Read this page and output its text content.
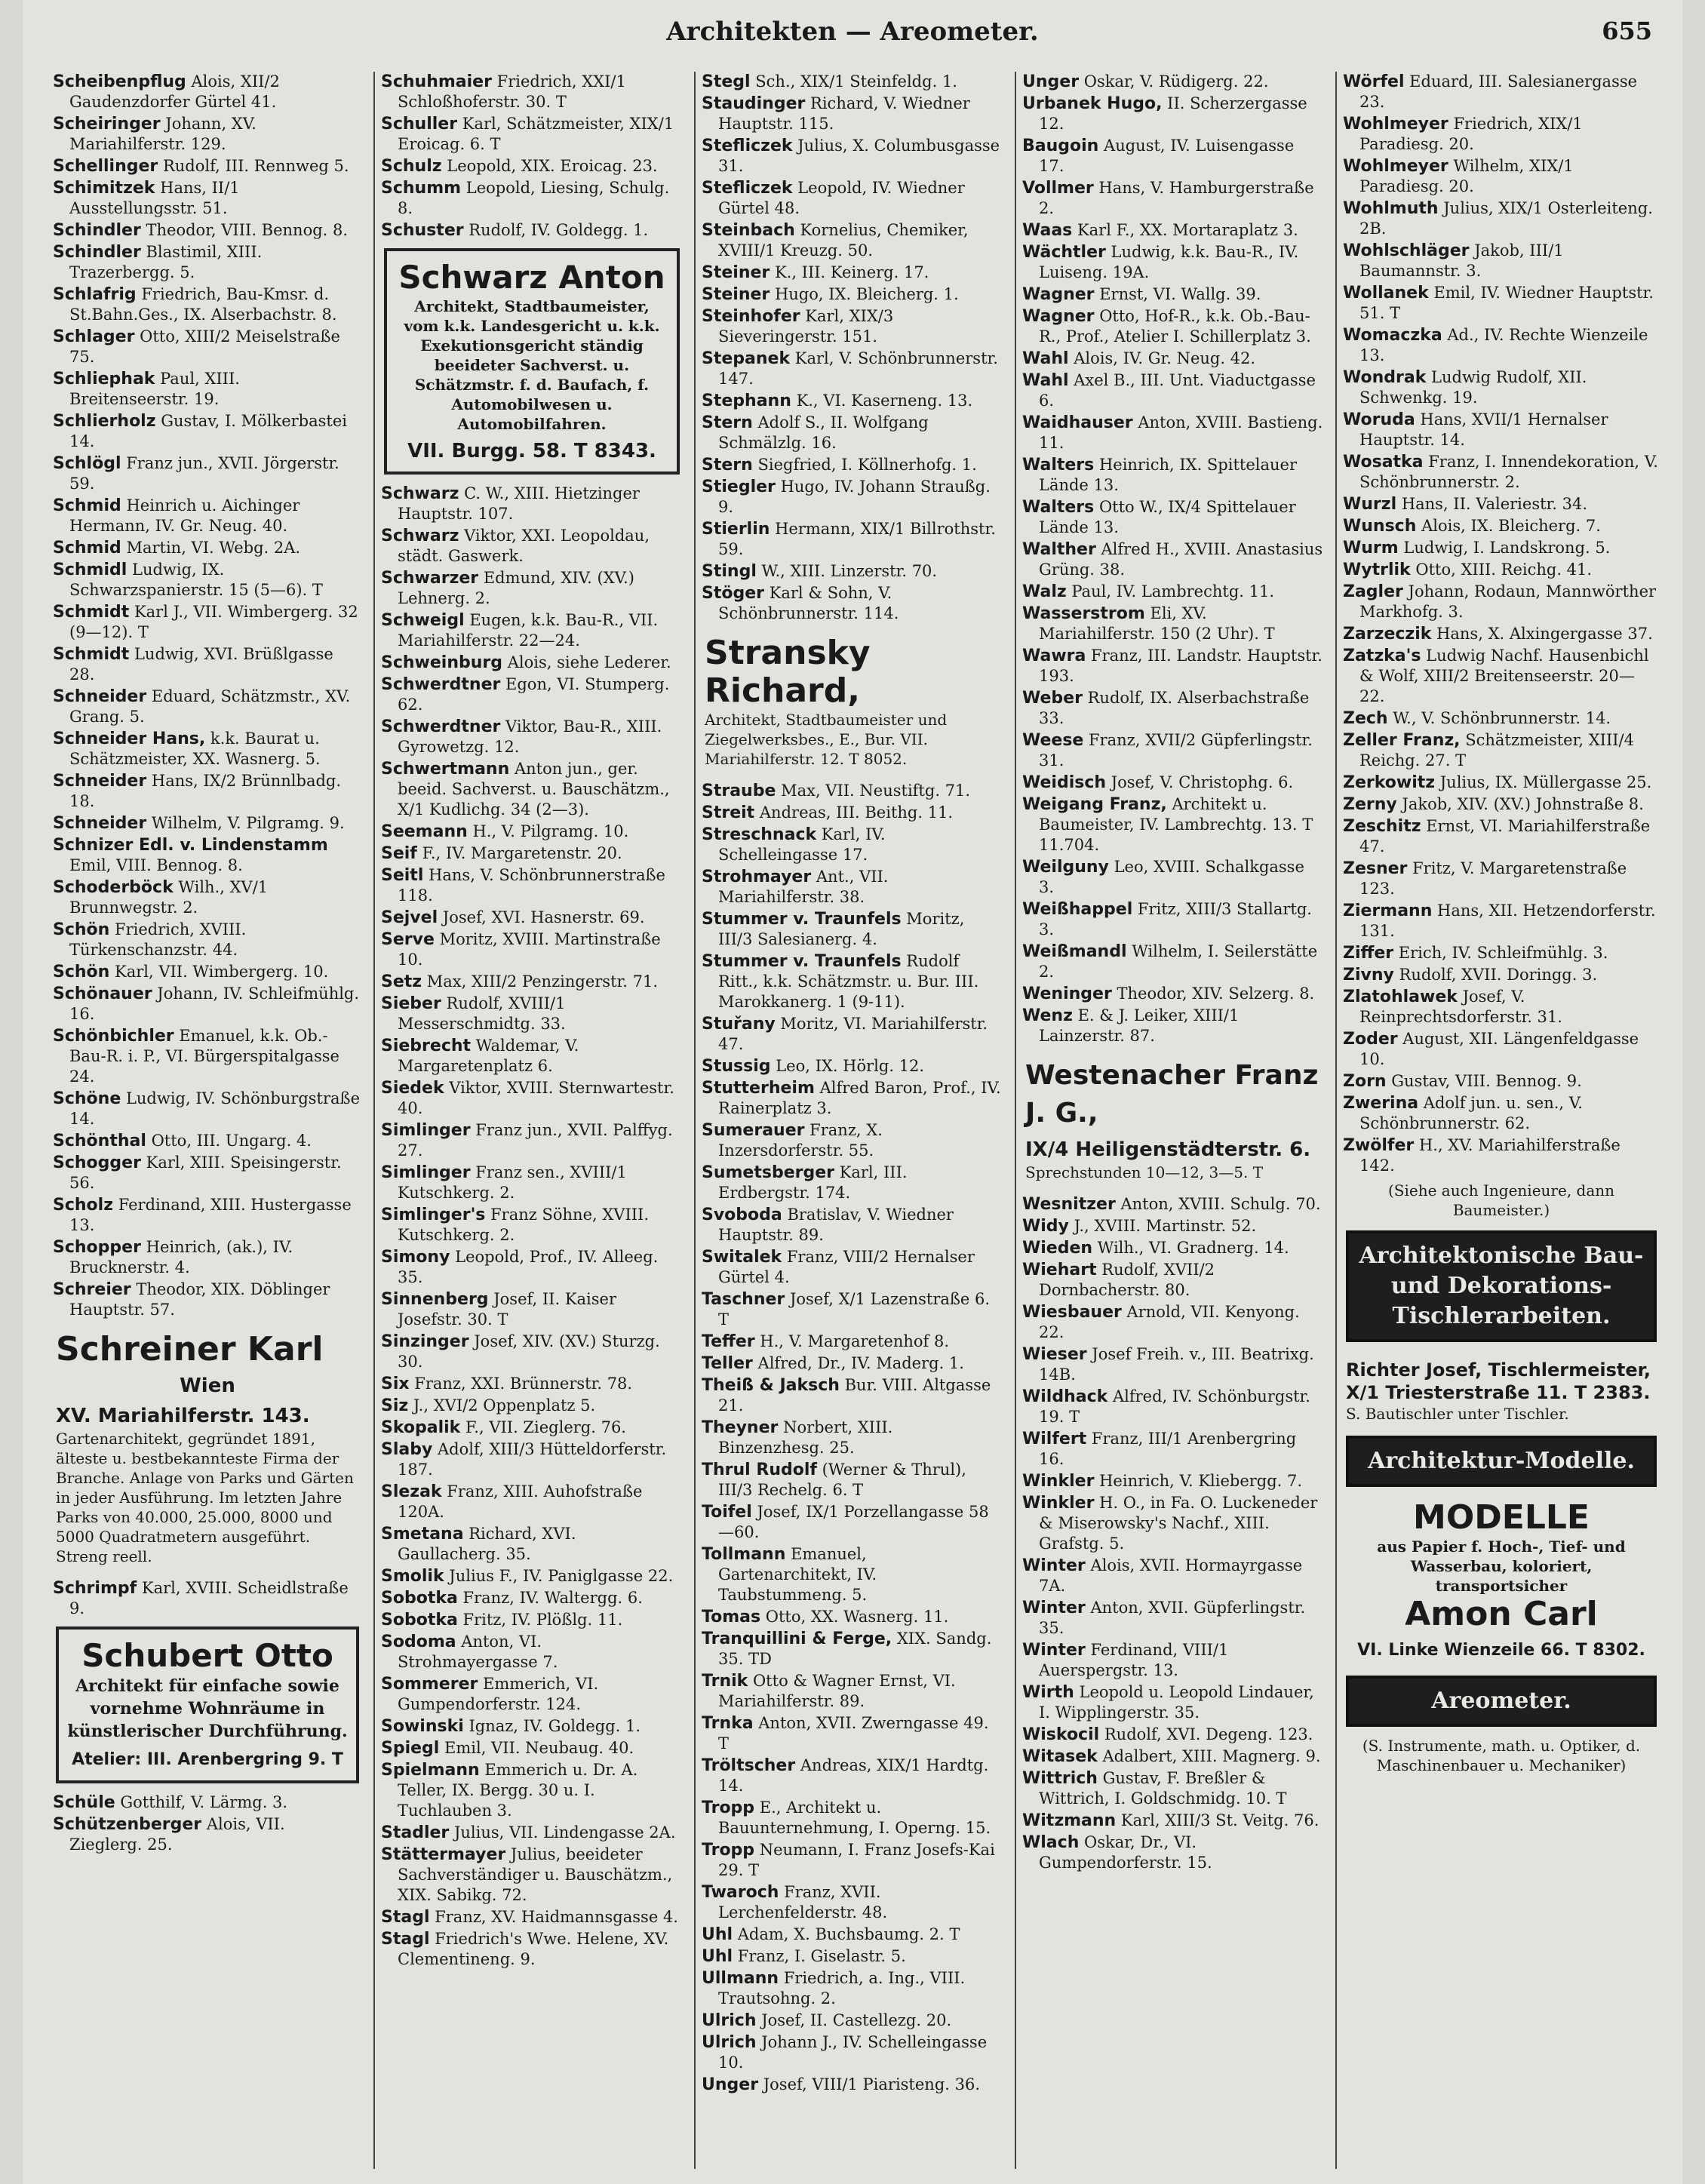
Architekten — Areometer.	655
Scheibenpflug Alois, XII/2 Gaudenzdorfer Gürtel 41.
Scheiringer Johann, XV. Mariahilferstr. 129.
Schellinger Rudolf, III. Rennweg 5.
Schimitzek Hans, II/1 Ausstellungsstr. 51.
Schindler Theodor, VIII. Bennog. 8.
Schindler Blastimil, XIII. Trazerbergg. 5.
Schlafrig Friedrich, Bau-Kmsr. d. St.Bahn.Ges., IX. Alserbachstr. 8.
Schlager Otto, XIII/2 Meiselstraße 75.
Schliephak Paul, XIII. Breitenseerstr. 19.
Schlierholz Gustav, I. Mölkerbastei 14.
Schlögl Franz jun., XVII. Jörgerstr. 59.
Schmid Heinrich u. Aichinger Hermann, IV. Gr. Neug. 40.
Schmid Martin, VI. Webg. 2A.
Schmidl Ludwig, IX. Schwarzspanierstr. 15 (5—6). T
Schmidt Karl J., VII. Wimbergerg. 32 (9—12). T
Schmidt Ludwig, XVI. Brüßlgasse 28.
Schneider Eduard, Schätzmstr., XV. Grang. 5.
Schneider Hans, k.k. Baurat u. Schätzmeister, XX. Wasnerg. 5.
Schneider Hans, IX/2 Brünnlbadg. 18.
Schneider Wilhelm, V. Pilgramg. 9.
Schnizer Edl. v. Lindenstamm Emil, VIII. Bennog. 8.
Schoderböck Wilh., XV/1 Brunnwegstr. 2.
Schön Friedrich, XVIII. Türkenschanzstr. 44.
Schön Karl, VII. Wimbergerg. 10.
Schönauer Johann, IV. Schleifmühlg. 16.
Schönbichler Emanuel, k.k. Ob.-Bau-R. i. P., VI. Bürgerspitalgasse 24.
Schöne Ludwig, IV. Schönburgstraße 14.
Schönthal Otto, III. Ungarg. 4.
Schogger Karl, XIII. Speisingerstr. 56.
Scholz Ferdinand, XIII. Hustergasse 13.
Schopper Heinrich, (ak.), IV. Brucknerstr. 4.
Schreier Theodor, XIX. Döblinger Hauptstr. 57.
Schreiner Karl
Wien
XV. Mariahilferstr. 143.
Gartenarchitekt, gegründet 1891, älteste u. bestbekannteste Firma der Branche. Anlage von Parks und Gärten in jeder Ausführung. Im letzten Jahre Parks von 40.000, 25.000, 8000 und 5000 Quadratmetern ausgeführt. Streng reell.
Schrimpf Karl, XVIII. Scheidlstraße 9.
Schubert Otto
Architekt für einfache sowie vornehme Wohnräume in künstlerischer Durchführung.
Atelier: III. Arenbergring 9. T
Schüle Gotthilf, V. Lärmg. 3.
Schützenberger Alois, VII. Zieglerg. 25.
Schuhmaier Friedrich, XXI/1 Schloßhoferstr. 30. T
Schuller Karl, Schätzmeister, XIX/1 Eroicag. 6. T
Schulz Leopold, XIX. Eroicag. 23.
Schumm Leopold, Liesing, Schulg. 8.
Schuster Rudolf, IV. Goldegg. 1.
Schwarz Anton
Architekt, Stadtbaumeister, vom k.k. Landesgericht u. k.k. Exekutionsgericht ständig beeideter Sachverst. u. Schätzmstr. f. d. Baufach, f. Automobilwesen u. Automobilfahren.
VII. Burgg. 58. T 8343.
Schwarz C. W., XIII. Hietzinger Hauptstr. 107.
Schwarz Viktor, XXI. Leopoldau, städt. Gaswerk.
Schwarzer Edmund, XIV. (XV.) Lehnerg. 2.
Schweigl Eugen, k.k. Bau-R., VII. Mariahilferstr. 22—24.
Schweinburg Alois, siehe Lederer.
Schwerdtner Egon, VI. Stumperg. 62.
Schwerdtner Viktor, Bau-R., XIII. Gyrowetzg. 12.
Schwertmann Anton jun., ger. beeid. Sachverst. u. Bauschätzm., X/1 Kudlichg. 34 (2—3).
Seemann H., V. Pilgramg. 10.
Seif F., IV. Margaretenstr. 20.
Seitl Hans, V. Schönbrunnerstraße 118.
Sejvel Josef, XVI. Hasnerstr. 69.
Serve Moritz, XVIII. Martinstraße 10.
Setz Max, XIII/2 Penzingerstr. 71.
Sieber Rudolf, XVIII/1 Messerschmidtg. 33.
Siebrecht Waldemar, V. Margaretenplatz 6.
Siedek Viktor, XVIII. Sternwartestr. 40.
Simlinger Franz jun., XVII. Palffyg. 27.
Simlinger Franz sen., XVIII/1 Kutschkerg. 2.
Simlinger's Franz Söhne, XVIII. Kutschkerg. 2.
Simony Leopold, Prof., IV. Alleeg. 35.
Sinnenberg Josef, II. Kaiser Josefstr. 30. T
Sinzinger Josef, XIV. (XV.) Sturzg. 30.
Six Franz, XXI. Brünnerstr. 78.
Siz J., XVI/2 Oppenplatz 5.
Skopalik F., VII. Zieglerg. 76.
Slaby Adolf, XIII/3 Hütteldorferstr. 187.
Slezak Franz, XIII. Auhofstraße 120A.
Smetana Richard, XVI. Gaullacherg. 35.
Smolik Julius F., IV. Paniglgasse 22.
Sobotka Franz, IV. Waltergg. 6.
Sobotka Fritz, IV. Plößlg. 11.
Sodoma Anton, VI. Strohmayergasse 7.
Sommerer Emmerich, VI. Gumpendorferstr. 124.
Sowinski Ignaz, IV. Goldegg. 1.
Spiegl Emil, VII. Neubaug. 40.
Spielmann Emmerich u. Dr. A. Teller, IX. Bergg. 30 u. I. Tuchlauben 3.
Stadler Julius, VII. Lindengasse 2A.
Stättermayer Julius, beeideter Sachverständiger u. Bauschätzm., XIX. Sabikg. 72.
Stagl Franz, XV. Haidmannsgasse 4.
Stagl Friedrich's Wwe. Helene, XV. Clementineng. 9.
Stegl Sch., XIX/1 Steinfeldg. 1.
Staudinger Richard, V. Wiedner Hauptstr. 115.
Stefliczek Julius, X. Columbusgasse 31.
Stefliczek Leopold, IV. Wiedner Gürtel 48.
Steinbach Kornelius, Chemiker, XVIII/1 Kreuzg. 50.
Steiner K., III. Keinerg. 17.
Steiner Hugo, IX. Bleicherg. 1.
Steinhofer Karl, XIX/3 Sieveringerstr. 151.
Stepanek Karl, V. Schönbrunnerstr. 147.
Stephann K., VI. Kaserneng. 13.
Stern Adolf S., II. Wolfgang Schmälzlg. 16.
Stern Siegfried, I. Köllnerhofg. 1.
Stiegler Hugo, IV. Johann Straußg. 9.
Stierlin Hermann, XIX/1 Billrothstr. 59.
Stingl W., XIII. Linzerstr. 70.
Stöger Karl & Sohn, V. Schönbrunnerstr. 114.
Stransky Richard,
Architekt, Stadtbaumeister und Ziegelwerksbes., E., Bur. VII. Mariahilferstr. 12. T 8052.
Straube Max, VII. Neustiftg. 71.
Streit Andreas, III. Beithg. 11.
Streschnack Karl, IV. Schelleingasse 17.
Strohmayer Ant., VII. Mariahilferstr. 38.
Stummer v. Traunfels Moritz, III/3 Salesianerg. 4.
Stummer v. Traunfels Rudolf Ritt., k.k. Schätzmstr. u. Bur. III. Marokkanerg. 1 (9-11).
Stuřany Moritz, VI. Mariahilferstr. 47.
Stussig Leo, IX. Hörlg. 12.
Stutterheim Alfred Baron, Prof., IV. Rainerplatz 3.
Sumerauer Franz, X. Inzersdorferstr. 55.
Sumetsberger Karl, III. Erdbergstr. 174.
Svoboda Bratislav, V. Wiedner Hauptstr. 89.
Switalek Franz, VIII/2 Hernalser Gürtel 4.
Taschner Josef, X/1 Lazenstraße 6. T
Teffer H., V. Margaretenhof 8.
Teller Alfred, Dr., IV. Maderg. 1.
Theiß & Jaksch Bur. VIII. Altgasse 21.
Theyner Norbert, XIII. Binzenzhesg. 25.
Thrul Rudolf (Werner & Thrul), III/3 Rechelg. 6. T
Toifel Josef, IX/1 Porzellangasse 58—60.
Tollmann Emanuel, Gartenarchitekt, IV. Taubstummeng. 5.
Tomas Otto, XX. Wasnerg. 11.
Tranquillini & Ferge, XIX. Sandg. 35. TD
Trnik Otto & Wagner Ernst, VI. Mariahilferstr. 89.
Trnka Anton, XVII. Zwerngasse 49. T
Tröltscher Andreas, XIX/1 Hardtg. 14.
Tropp E., Architekt u. Bauunternehmung, I. Operng. 15.
Tropp Neumann, I. Franz Josefs-Kai 29. T
Twaroch Franz, XVII. Lerchenfelderstr. 48.
Uhl Adam, X. Buchsbaumg. 2. T
Uhl Franz, I. Giselastr. 5.
Ullmann Friedrich, a. Ing., VIII. Trautsohng. 2.
Ulrich Josef, II. Castellezg. 20.
Ulrich Johann J., IV. Schelleingasse 10.
Unger Josef, VIII/1 Piaristeng. 36.
Unger Oskar, V. Rüdigerg. 22.
Urbanek Hugo, II. Scherzergasse 12.
Baugoin August, IV. Luisengasse 17.
Vollmer Hans, V. Hamburgerstraße 2.
Waas Karl F., XX. Mortaraplatz 3.
Wächtler Ludwig, k.k. Bau-R., IV. Luiseng. 19A.
Wagner Ernst, VI. Wallg. 39.
Wagner Otto, Hof-R., k.k. Ob.-Bau-R., Prof., Atelier I. Schillerplatz 3.
Wahl Alois, IV. Gr. Neug. 42.
Wahl Axel B., III. Unt. Viaductgasse 6.
Waidhauser Anton, XVIII. Bastieng. 11.
Walters Heinrich, IX. Spittelauer Lände 13.
Walters Otto W., IX/4 Spittelauer Lände 13.
Walther Alfred H., XVIII. Anastasius Grüng. 38.
Walz Paul, IV. Lambrechtg. 11.
Wasserstrom Eli, XV. Mariahilferstr. 150 (2 Uhr). T
Wawra Franz, III. Landstr. Hauptstr. 193.
Weber Rudolf, IX. Alserbachstraße 33.
Weese Franz, XVII/2 Güpferlingstr. 31.
Weidisch Josef, V. Christophg. 6.
Weigang Franz, Architekt u. Baumeister, IV. Lambrechtg. 13. T 11.704.
Weilguny Leo, XVIII. Schalkgasse 3.
Weißhappel Fritz, XIII/3 Stallartg. 3.
Weißmandl Wilhelm, I. Seilerstätte 2.
Weninger Theodor, XIV. Selzerg. 8.
Wenz E. & J. Leiker, XIII/1 Lainzerstr. 87.
Westenacher Franz J. G.,
IX/4 Heiligenstädterstr. 6.
Sprechstunden 10—12, 3—5. T
Wesnitzer Anton, XVIII. Schulg. 70.
Widy J., XVIII. Martinstr. 52.
Wieden Wilh., VI. Gradnerg. 14.
Wiehart Rudolf, XVII/2 Dornbacherstr. 80.
Wiesbauer Arnold, VII. Kenyong. 22.
Wieser Josef Freih. v., III. Beatrixg. 14B.
Wildhack Alfred, IV. Schönburgstr. 19. T
Wilfert Franz, III/1 Arenbergring 16.
Winkler Heinrich, V. Kliebergg. 7.
Winkler H. O., in Fa. O. Luckeneder & Miserowsky's Nachf., XIII. Grafstg. 5.
Winter Alois, XVII. Hormayrgasse 7A.
Winter Anton, XVII. Güpferlingstr. 35.
Winter Ferdinand, VIII/1 Auerspergstr. 13.
Wirth Leopold u. Leopold Lindauer, I. Wipplingerstr. 35.
Wiskocil Rudolf, XVI. Degeng. 123.
Witasek Adalbert, XIII. Magnerg. 9.
Wittrich Gustav, F. Breßler & Wittrich, I. Goldschmidg. 10. T
Witzmann Karl, XIII/3 St. Veitg. 76.
Wlach Oskar, Dr., VI. Gumpendorferstr. 15.
Wörfel Eduard, III. Salesianergasse 23.
Wohlmeyer Friedrich, XIX/1 Paradiesg. 20.
Wohlmeyer Wilhelm, XIX/1 Paradiesg. 20.
Wohlmuth Julius, XIX/1 Osterleiteng. 2B.
Wohlschläger Jakob, III/1 Baumannstr. 3.
Wollanek Emil, IV. Wiedner Hauptstr. 51. T
Womaczka Ad., IV. Rechte Wienzeile 13.
Wondrak Ludwig Rudolf, XII. Schwenkg. 19.
Woruda Hans, XVII/1 Hernalser Hauptstr. 14.
Wosatka Franz, I. Innendekoration, V. Schönbrunnerstr. 2.
Wurzl Hans, II. Valeriestr. 34.
Wunsch Alois, IX. Bleicherg. 7.
Wurm Ludwig, I. Landskrong. 5.
Wytrlik Otto, XIII. Reichg. 41.
Zagler Johann, Rodaun, Mannwörther Markhofg. 3.
Zarzeczik Hans, X. Alxingergasse 37.
Zatzka's Ludwig Nachf. Hausenbichl & Wolf, XIII/2 Breitenseerstr. 20—22.
Zech W., V. Schönbrunnerstr. 14.
Zeller Franz, Schätzmeister, XIII/4 Reichg. 27. T
Zerkowitz Julius, IX. Müllergasse 25.
Zerny Jakob, XIV. (XV.) Johnstraße 8.
Zeschitz Ernst, VI. Mariahilferstraße 47.
Zesner Fritz, V. Margaretenstraße 123.
Ziermann Hans, XII. Hetzendorferstr. 131.
Ziffer Erich, IV. Schleifmühlg. 3.
Zivny Rudolf, XVII. Doringg. 3.
Zlatohlawek Josef, V. Reinprechtsdorferstr. 31.
Zoder August, XII. Längenfeldgasse 10.
Zorn Gustav, VIII. Bennog. 9.
Zwerina Adolf jun. u. sen., V. Schönbrunnerstr. 62.
Zwölfer H., XV. Mariahilferstraße 142.
(Siehe auch Ingenieure, dann Baumeister.)
Architektonische Bau- und Dekorations-Tischlerarbeiten.
Richter Josef, Tischlermeister, X/1 Triesterstraße 11. T 2383.
S. Bautischler unter Tischler.
Architektur-Modelle.
MODELLE
aus Papier f. Hoch-, Tief- und Wasserbau, koloriert, transportsicher
Amon Carl
VI. Linke Wienzeile 66. T 8302.
Areometer.
(S. Instrumente, math. u. Optiker, d. Maschinenbauer u. Mechaniker)
